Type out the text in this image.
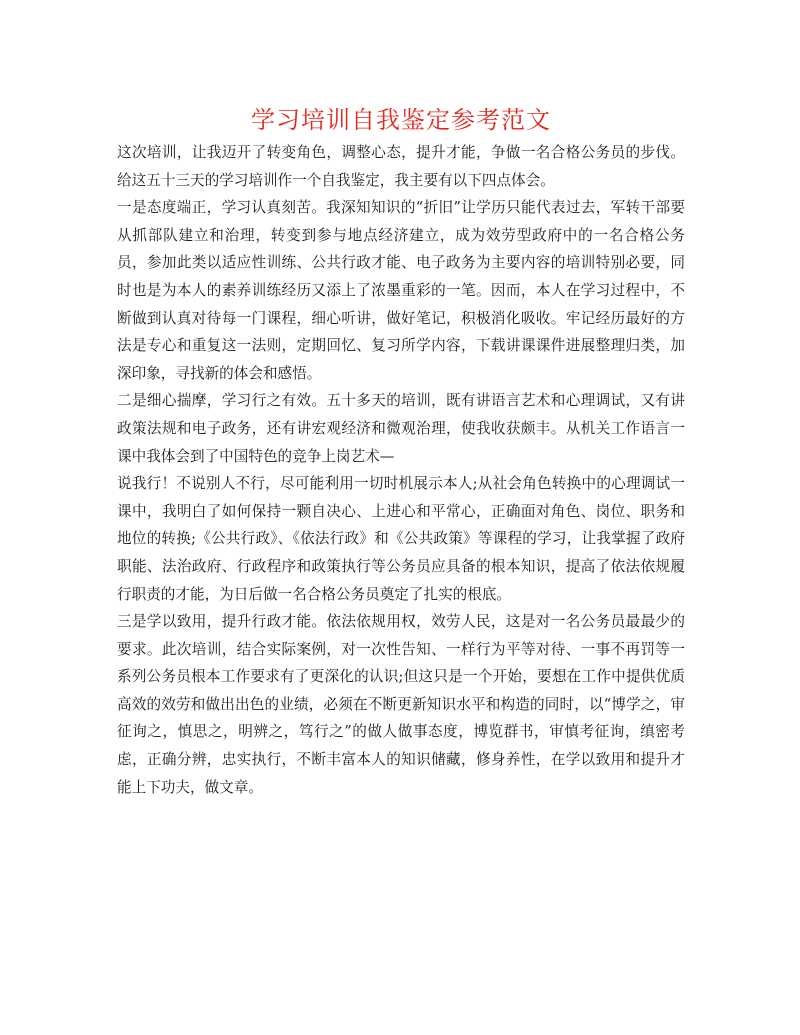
学习培训自我鉴定参考范文

这次培训，让我迈开了转变角色，调整心态，提升才能，争做一名合格公务员的步伐。给这五十三天的学习培训作一个自我鉴定，我主要有以下四点体会。

一是态度端正，学习认真刻苦。我深知知识的“折旧”让学历只能代表过去，军转干部要从抓部队建立和治理，转变到参与地点经济建立，成为效劳型政府中的一名合格公务员，参加此类以适应性训练、公共行政才能、电子政务为主要内容的培训特别必要，同时也是为本人的素养训练经历又添上了浓墨重彩的一笔。因而，本人在学习过程中，不断做到认真对待每一门课程，细心听讲，做好笔记，积极消化吸收。牢记经历最好的方法是专心和重复这一法则，定期回忆、复习所学内容，下载讲课课件进展整理归类，加深印象，寻找新的体会和感悟。

二是细心揣摩，学习行之有效。五十多天的培训，既有讲语言艺术和心理调试，又有讲政策法规和电子政务，还有讲宏观经济和微观治理，使我收获颇丰。从机关工作语言一课中我体会到了中国特色的竞争上岗艺术—

说我行！不说别人不行，尽可能利用一切时机展示本人;从社会角色转换中的心理调试一课中，我明白了如何保持一颗自决心、上进心和平常心，正确面对角色、岗位、职务和地位的转换;《公共行政》、《依法行政》和《公共政策》等课程的学习，让我掌握了政府职能、法治政府、行政程序和政策执行等公务员应具备的根本知识，提高了依法依规履行职责的才能，为日后做一名合格公务员奠定了扎实的根底。

三是学以致用，提升行政才能。依法依规用权，效劳人民，这是对一名公务员最最少的要求。此次培训，结合实际案例，对一次性告知、一样行为平等对待、一事不再罚等一系列公务员根本工作要求有了更深化的认识;但这只是一个开始，要想在工作中提供优质高效的效劳和做出出色的业绩，必须在不断更新知识水平和构造的同时，以“博学之，审征询之，慎思之，明辨之，笃行之”的做人做事态度，博览群书，审慎考征询，缜密考虑，正确分辨，忠实执行，不断丰富本人的知识储藏，修身养性，在学以致用和提升才能上下功夫，做文章。
